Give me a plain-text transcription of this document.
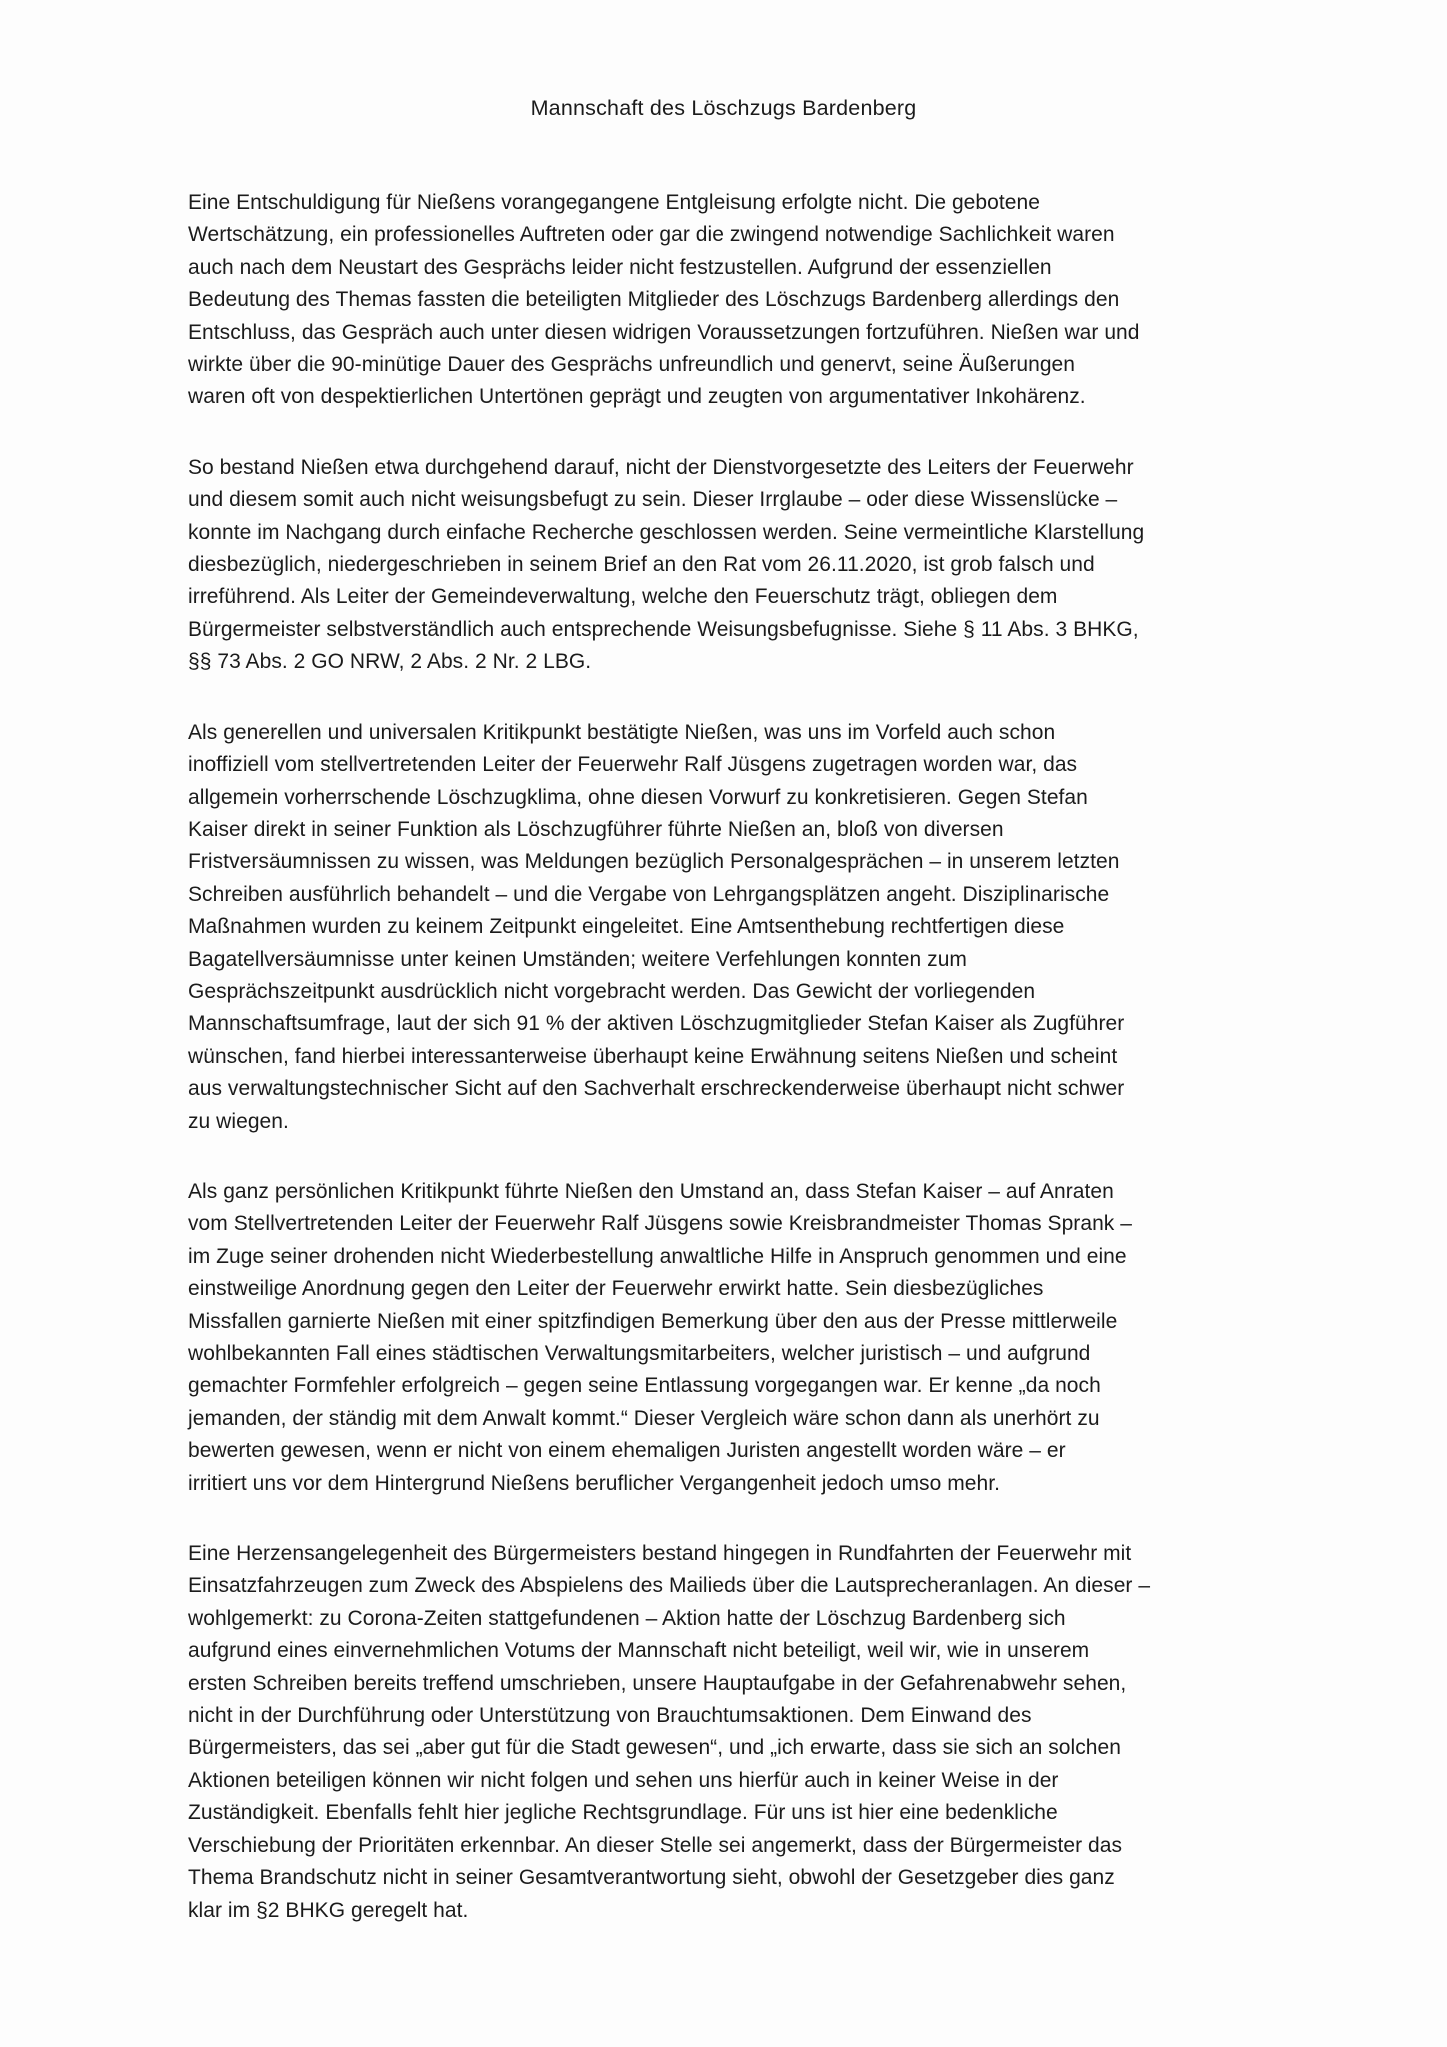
Mannschaft des Löschzugs Bardenberg

Eine Entschuldigung für Nießens vorangegangene Entgleisung erfolgte nicht. Die gebotene
Wertschätzung, ein professionelles Auftreten oder gar die zwingend notwendige Sachlichkeit waren
auch nach dem Neustart des Gesprächs leider nicht festzustellen. Aufgrund der essenziellen
Bedeutung des Themas fassten die beteiligten Mitglieder des Löschzugs Bardenberg allerdings den
Entschluss, das Gespräch auch unter diesen widrigen Voraussetzungen fortzuführen. Nießen war und
wirkte über die 90-minütige Dauer des Gesprächs unfreundlich und genervt, seine Äußerungen
waren oft von despektierlichen Untertönen geprägt und zeugten von argumentativer Inkohärenz.

So bestand Nießen etwa durchgehend darauf, nicht der Dienstvorgesetzte des Leiters der Feuerwehr
und diesem somit auch nicht weisungsbefugt zu sein. Dieser Irrglaube – oder diese Wissenslücke –
konnte im Nachgang durch einfache Recherche geschlossen werden. Seine vermeintliche Klarstellung
diesbezüglich, niedergeschrieben in seinem Brief an den Rat vom 26.11.2020, ist grob falsch und
irreführend. Als Leiter der Gemeindeverwaltung, welche den Feuerschutz trägt, obliegen dem
Bürgermeister selbstverständlich auch entsprechende Weisungsbefugnisse. Siehe § 11 Abs. 3 BHKG,
§§ 73 Abs. 2 GO NRW, 2 Abs. 2 Nr. 2 LBG.

Als generellen und universalen Kritikpunkt bestätigte Nießen, was uns im Vorfeld auch schon
inoffiziell vom stellvertretenden Leiter der Feuerwehr Ralf Jüsgens zugetragen worden war, das
allgemein vorherrschende Löschzugklima, ohne diesen Vorwurf zu konkretisieren. Gegen Stefan
Kaiser direkt in seiner Funktion als Löschzugführer führte Nießen an, bloß von diversen
Fristversäumnissen zu wissen, was Meldungen bezüglich Personalgesprächen – in unserem letzten
Schreiben ausführlich behandelt – und die Vergabe von Lehrgangsplätzen angeht. Disziplinarische
Maßnahmen wurden zu keinem Zeitpunkt eingeleitet. Eine Amtsenthebung rechtfertigen diese
Bagatellversäumnisse unter keinen Umständen; weitere Verfehlungen konnten zum
Gesprächszeitpunkt ausdrücklich nicht vorgebracht werden. Das Gewicht der vorliegenden
Mannschaftsumfrage, laut der sich 91 % der aktiven Löschzugmitglieder Stefan Kaiser als Zugführer
wünschen, fand hierbei interessanterweise überhaupt keine Erwähnung seitens Nießen und scheint
aus verwaltungstechnischer Sicht auf den Sachverhalt erschreckenderweise überhaupt nicht schwer
zu wiegen.

Als ganz persönlichen Kritikpunkt führte Nießen den Umstand an, dass Stefan Kaiser – auf Anraten
vom Stellvertretenden Leiter der Feuerwehr Ralf Jüsgens sowie Kreisbrandmeister Thomas Sprank –
im Zuge seiner drohenden nicht Wiederbestellung anwaltliche Hilfe in Anspruch genommen und eine
einstweilige Anordnung gegen den Leiter der Feuerwehr erwirkt hatte. Sein diesbezügliches
Missfallen garnierte Nießen mit einer spitzfindigen Bemerkung über den aus der Presse mittlerweile
wohlbekannten Fall eines städtischen Verwaltungsmitarbeiters, welcher juristisch – und aufgrund
gemachter Formfehler erfolgreich – gegen seine Entlassung vorgegangen war. Er kenne „da noch
jemanden, der ständig mit dem Anwalt kommt.“ Dieser Vergleich wäre schon dann als unerhört zu
bewerten gewesen, wenn er nicht von einem ehemaligen Juristen angestellt worden wäre – er
irritiert uns vor dem Hintergrund Nießens beruflicher Vergangenheit jedoch umso mehr.

Eine Herzensangelegenheit des Bürgermeisters bestand hingegen in Rundfahrten der Feuerwehr mit
Einsatzfahrzeugen zum Zweck des Abspielens des Mailieds über die Lautsprecheranlagen. An dieser –
wohlgemerkt: zu Corona-Zeiten stattgefundenen – Aktion hatte der Löschzug Bardenberg sich
aufgrund eines einvernehmlichen Votums der Mannschaft nicht beteiligt, weil wir, wie in unserem
ersten Schreiben bereits treffend umschrieben, unsere Hauptaufgabe in der Gefahrenabwehr sehen,
nicht in der Durchführung oder Unterstützung von Brauchtumsaktionen. Dem Einwand des
Bürgermeisters, das sei „aber gut für die Stadt gewesen“, und „ich erwarte, dass sie sich an solchen
Aktionen beteiligen können wir nicht folgen und sehen uns hierfür auch in keiner Weise in der
Zuständigkeit. Ebenfalls fehlt hier jegliche Rechtsgrundlage. Für uns ist hier eine bedenkliche
Verschiebung der Prioritäten erkennbar. An dieser Stelle sei angemerkt, dass der Bürgermeister das
Thema Brandschutz nicht in seiner Gesamtverantwortung sieht, obwohl der Gesetzgeber dies ganz
klar im §2 BHKG geregelt hat.
